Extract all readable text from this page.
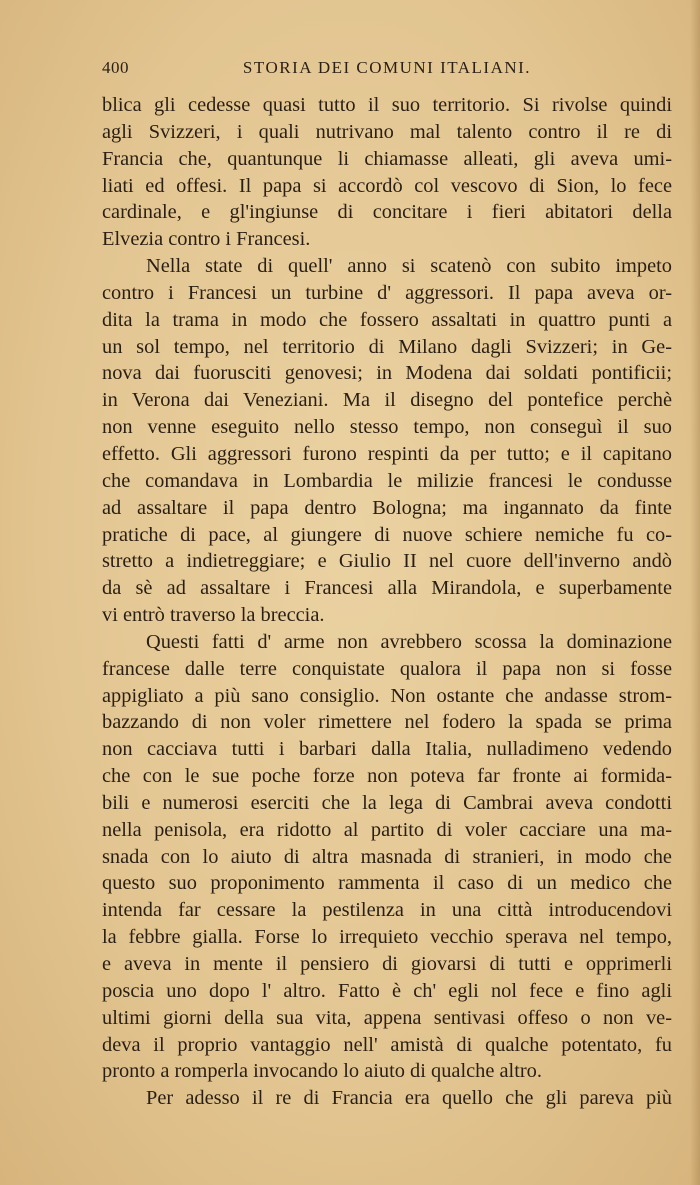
400	STORIA DEI COMUNI ITALIANI.
blica gli cedesse quasi tutto il suo territorio. Si rivolse quindi
agli Svizzeri, i quali nutrivano mal talento contro il re di
Francia che, quantunque li chiamasse alleati, gli aveva umi-
liati ed offesi. Il papa si accordò col vescovo di Sion, lo fece
cardinale, e gl'ingiunse di concitare i fieri abitatori della
Elvezia contro i Francesi.
Nella state di quell' anno si scatenò con subito impeto
contro i Francesi un turbine d' aggressori. Il papa aveva or-
dita la trama in modo che fossero assaltati in quattro punti a
un sol tempo, nel territorio di Milano dagli Svizzeri; in Ge-
nova dai fuorusciti genovesi; in Modena dai soldati pontificii;
in Verona dai Veneziani. Ma il disegno del pontefice perchè
non venne eseguito nello stesso tempo, non conseguì il suo
effetto. Gli aggressori furono respinti da per tutto; e il capitano
che comandava in Lombardia le milizie francesi le condusse
ad assaltare il papa dentro Bologna; ma ingannato da finte
pratiche di pace, al giungere di nuove schiere nemiche fu co-
stretto a indietreggiare; e Giulio II nel cuore dell'inverno andò
da sè ad assaltare i Francesi alla Mirandola, e superbamente
vi entrò traverso la breccia.
Questi fatti d' arme non avrebbero scossa la dominazione
francese dalle terre conquistate qualora il papa non si fosse
appigliato a più sano consiglio. Non ostante che andasse strom-
bazzando di non voler rimettere nel fodero la spada se prima
non cacciava tutti i barbari dalla Italia, nulladimeno vedendo
che con le sue poche forze non poteva far fronte ai formida-
bili e numerosi eserciti che la lega di Cambrai aveva condotti
nella penisola, era ridotto al partito di voler cacciare una ma-
snada con lo aiuto di altra masnada di stranieri, in modo che
questo suo proponimento rammenta il caso di un medico che
intenda far cessare la pestilenza in una città introducendovi
la febbre gialla. Forse lo irrequieto vecchio sperava nel tempo,
e aveva in mente il pensiero di giovarsi di tutti e opprimerli
poscia uno dopo l' altro. Fatto è ch' egli nol fece e fino agli
ultimi giorni della sua vita, appena sentivasi offeso o non ve-
deva il proprio vantaggio nell' amistà di qualche potentato, fu
pronto a romperla invocando lo aiuto di qualche altro.
Per adesso il re di Francia era quello che gli pareva più
